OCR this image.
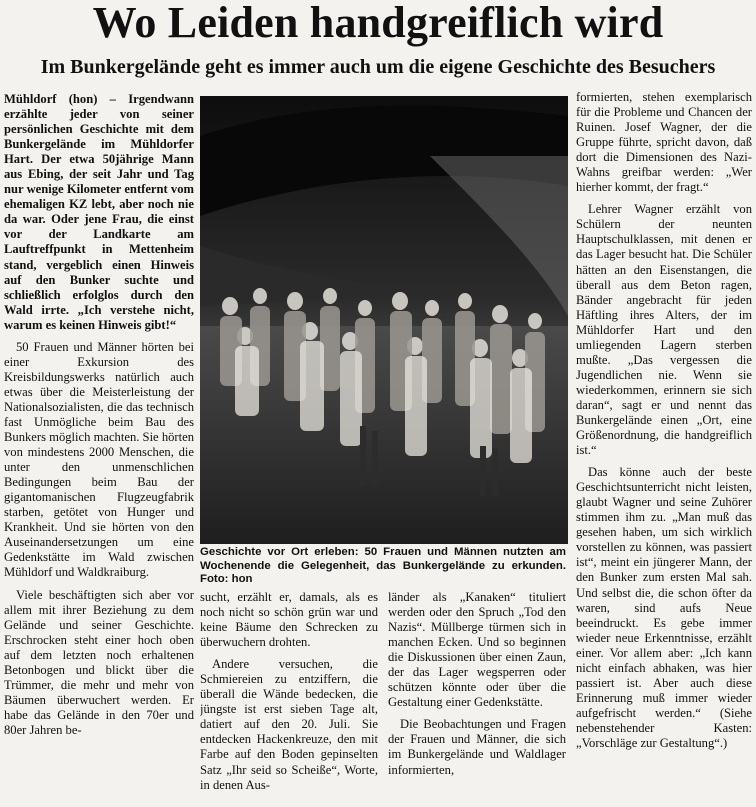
Wo Leiden handgreiflich wird
Im Bunkergelände geht es immer auch um die eigene Geschichte des Besuchers

Mühldorf (hon) – Irgendwann erzählte jeder von seiner persönlichen Geschichte mit dem Bunkergelände im Mühldorfer Hart. Der etwa 50jährige Mann aus Ebing, der seit Jahr und Tag nur wenige Kilometer entfernt vom ehemaligen KZ lebt, aber noch nie da war. Oder jene Frau, die einst vor der Landkarte am Lauftreffpunkt in Mettenheim stand, vergeblich einen Hinweis auf den Bunker suchte und schließlich erfolglos durch den Wald irrte. „Ich verstehe nicht, warum es keinen Hinweis gibt!“

50 Frauen und Männer hörten bei einer Exkursion des Kreisbildungswerks natürlich auch etwas über die Meisterleistung der Nationalsozialisten, die das technisch fast Unmögliche beim Bau des Bunkers möglich machten. Sie hörten von mindestens 2000 Menschen, die unter den unmenschlichen Bedingungen beim Bau der gigantomanischen Flugzeugfabrik starben, getötet von Hunger und Krankheit. Und sie hörten von den Auseinandersetzungen um eine Gedenkstätte im Wald zwischen Mühldorf und Waldkraiburg.

Viele beschäftigten sich aber vor allem mit ihrer Beziehung zu dem Gelände und seiner Geschichte. Erschrocken steht einer hoch oben auf dem letzten noch erhaltenen Betonbogen und blickt über die Trümmer, die mehr und mehr von Bäumen überwuchert werden. Er habe das Gelände in den 70er und 80er Jahren be-

Geschichte vor Ort erleben: 50 Frauen und Männen nutzten am Wochenende die Gelegenheit, das Bunkergelände zu erkunden. Foto: hon

sucht, erzählt er, damals, als es noch nicht so schön grün war und keine Bäume den Schrecken zu überwuchern drohten.

Andere versuchen, die Schmiereien zu entziffern, die überall die Wände bedecken, die jüngste ist erst sieben Tage alt, datiert auf den 20. Juli. Sie entdecken Hackenkreuze, den mit Farbe auf den Boden gepinselten Satz „Ihr seid so Scheiße“, Worte, in denen Aus-

länder als „Kanaken“ tituliert werden oder den Spruch „Tod den Nazis“. Müllberge türmen sich in manchen Ecken. Und so beginnen die Diskussionen über einen Zaun, der das Lager wegsperren oder schützen könnte oder über die Gestaltung einer Gedenkstätte.

Die Beobachtungen und Fragen der Frauen und Männer, die sich im Bunkergelände und Waldlager informierten,

formierten, stehen exemplarisch für die Probleme und Chancen der Ruinen. Josef Wagner, der die Gruppe führte, spricht davon, daß dort die Dimensionen des Nazi-Wahns greifbar werden: „Wer hierher kommt, der fragt.“

Lehrer Wagner erzählt von Schülern der neunten Hauptschulklassen, mit denen er das Lager besucht hat. Die Schüler hätten an den Eisenstangen, die überall aus dem Beton ragen, Bänder angebracht für jeden Häftling ihres Alters, der im Mühldorfer Hart und den umliegenden Lagern sterben mußte. „Das vergessen die Jugendlichen nie. Wenn sie wiederkommen, erinnern sie sich daran“, sagt er und nennt das Bunkergelände einen „Ort, eine Größenordnung, die handgreiflich ist.“

Das könne auch der beste Geschichtsunterricht nicht leisten, glaubt Wagner und seine Zuhörer stimmen ihm zu. „Man muß das gesehen haben, um sich wirklich vorstellen zu können, was passiert ist“, meint ein jüngerer Mann, der den Bunker zum ersten Mal sah. Und selbst die, die schon öfter da waren, sind aufs Neue beeindruckt. Es gebe immer wieder neue Erkenntnisse, erzählt einer. Vor allem aber: „Ich kann nicht einfach abhaken, was hier passiert ist. Aber auch diese Erinnerung muß immer wieder aufgefrischt werden.“ (Siehe nebenstehender Kasten: „Vorschläge zur Gestaltung“.)
